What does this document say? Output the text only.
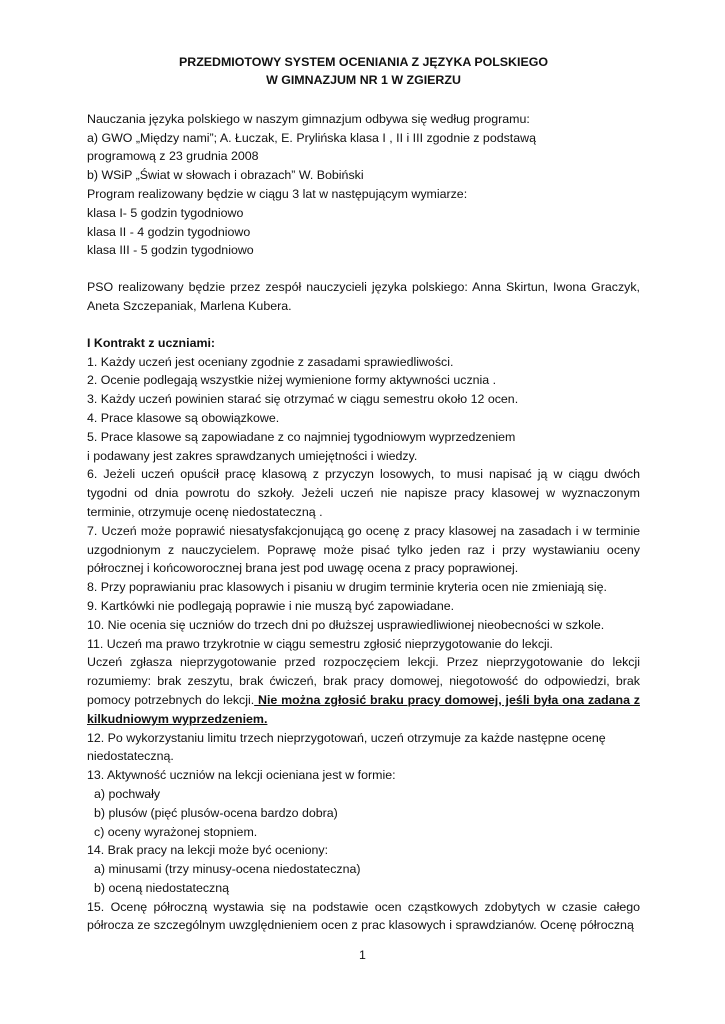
PRZEDMIOTOWY SYSTEM OCENIANIA Z JĘZYKA POLSKIEGO
W GIMNAZJUM NR 1 W ZGIERZU
Nauczania języka polskiego w naszym gimnazjum odbywa się według programu:
a) GWO „Między nami”; A. Łuczak, E. Prylińska klasa I , II i III zgodnie z podstawą
programową z 23 grudnia 2008
b) WSiP „Świat w słowach i obrazach” W. Bobiński
Program realizowany będzie w ciągu 3 lat w następującym wymiarze:
klasa I- 5 godzin tygodniowo
klasa II - 4 godzin tygodniowo
klasa III - 5 godzin tygodniowo
PSO realizowany będzie przez zespół nauczycieli języka polskiego: Anna Skirtun, Iwona Graczyk, Aneta Szczepaniak, Marlena Kubera.
I Kontrakt z uczniami:
1. Każdy uczeń jest oceniany zgodnie z zasadami sprawiedliwości.
2. Ocenie podlegają wszystkie niżej wymienione formy aktywności ucznia .
3. Każdy uczeń powinien starać się otrzymać w ciągu semestru około 12 ocen.
4. Prace klasowe są obowiązkowe.
5. Prace klasowe są zapowiadane z co najmniej tygodniowym wyprzedzeniem
i podawany jest zakres sprawdzanych umiejętności i wiedzy.
6. Jeżeli uczeń opuścił pracę klasową z przyczyn losowych, to musi napisać ją w ciągu dwóch tygodni od dnia powrotu do szkoły. Jeżeli uczeń nie napisze pracy klasowej w wyznaczonym terminie, otrzymuje ocenę niedostateczną .
7. Uczeń może poprawić niesatysfakcjonującą go ocenę z pracy klasowej na zasadach i w terminie uzgodnionym z nauczycielem. Poprawę może pisać tylko jeden raz i przy wystawianiu oceny półrocznej i końcoworocznej brana jest pod uwagę ocena z pracy poprawionej.
8. Przy poprawianiu prac klasowych i pisaniu w drugim terminie kryteria ocen nie zmieniają się.
9. Kartkówki nie podlegają poprawie i nie muszą być zapowiadane.
10. Nie ocenia się uczniów do trzech dni po dłuższej usprawiedliwionej nieobecności w szkole.
11. Uczeń ma prawo trzykrotnie w ciągu semestru zgłosić nieprzygotowanie do lekcji.
Uczeń zgłasza nieprzygotowanie przed rozpoczęciem lekcji. Przez nieprzygotowanie do lekcji rozumiemy: brak zeszytu, brak ćwiczeń, brak pracy domowej, niegotowość do odpowiedzi, brak pomocy potrzebnych do lekcji. Nie można zgłosić braku pracy domowej, jeśli była ona zadana z kilkudniowym wyprzedzeniem.
12. Po wykorzystaniu limitu trzech nieprzygotowań, uczeń otrzymuje za każde następne ocenę
niedostateczną.
13. Aktywność uczniów na lekcji ocieniana jest w formie:
a) pochwały
b) plusów (pięć plusów-ocena bardzo dobra)
c) oceny wyrażonej stopniem.
14. Brak pracy na lekcji może być oceniony:
a) minusami (trzy minusy-ocena niedostateczna)
b) oceną niedostateczną
15. Ocenę półroczną wystawia się na podstawie ocen cząstkowych zdobytych w czasie całego półrocza ze szczególnym uwzględnieniem ocen z prac klasowych i sprawdzianów. Ocenę półroczną
1
